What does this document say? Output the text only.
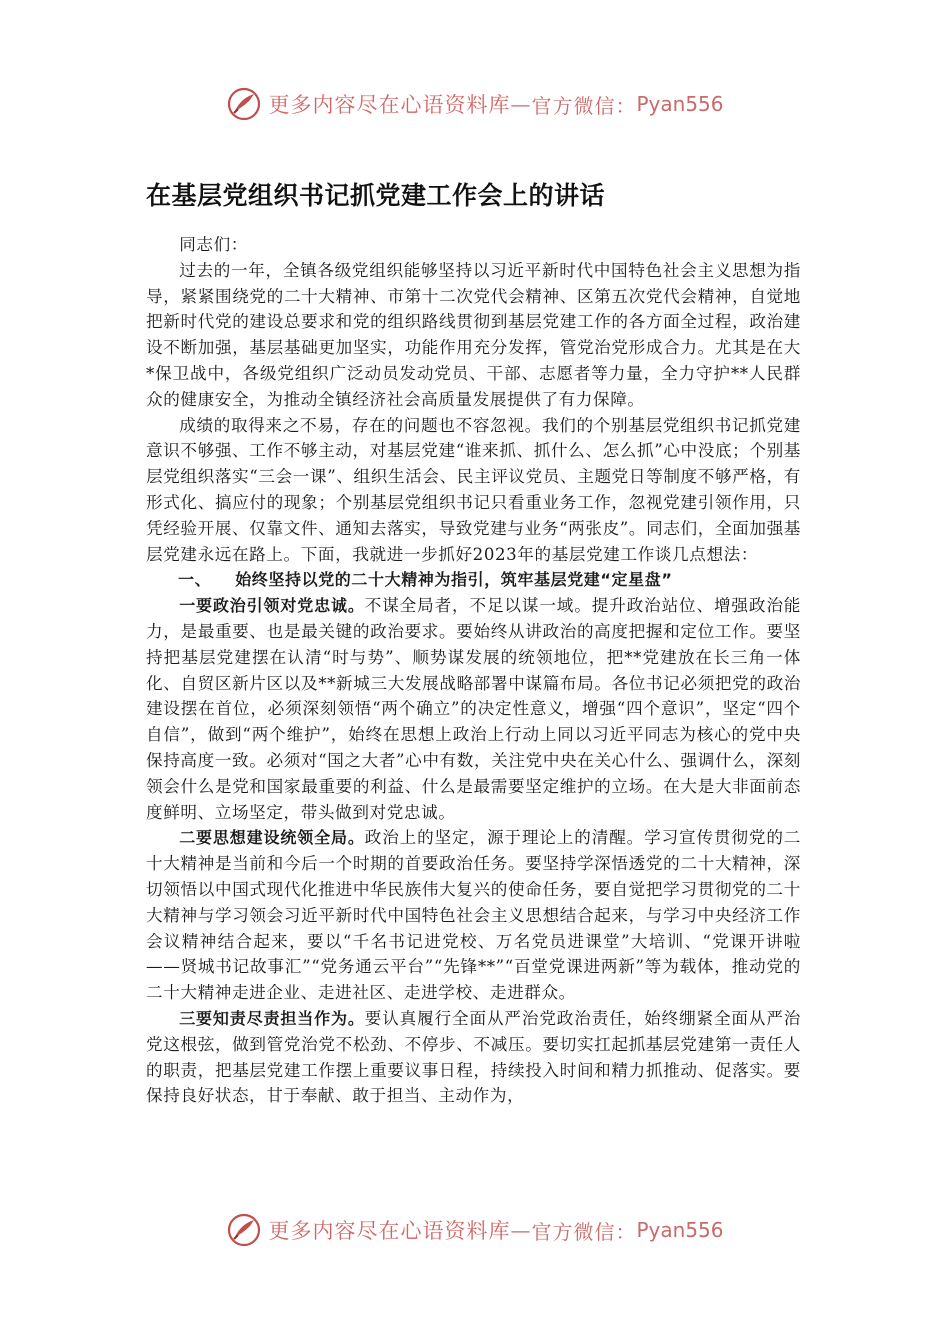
更多内容尽在心语资料库 — 官方微信： Pyan556
在基层党组织书记抓党建工作会上的讲话

同志们：

过去的一年，全镇各级党组织能够坚持以习近平新时代中国特色社会主义思想为指导，紧紧围绕党的二十大精神、市第十二次党代会精神、区第五次党代会精神，自觉地把新时代党的建设总要求和党的组织路线贯彻到基层党建工作的各方面全过程，政治建设不断加强，基层基础更加坚实，功能作用充分发挥，管党治党形成合力。尤其是在大*保卫战中，各级党组织广泛动员发动党员、干部、志愿者等力量，全力守护**人民群众的健康安全，为推动全镇经济社会高质量发展提供了有力保障。

成绩的取得来之不易，存在的问题也不容忽视。我们的个别基层党组织书记抓党建意识不够强、工作不够主动，对基层党建“谁来抓、抓什么、怎么抓”心中没底；个别基层党组织落实“三会一课”、组织生活会、民主评议党员、主题党日等制度不够严格，有形式化、搞应付的现象；个别基层党组织书记只看重业务工作，忽视党建引领作用，只凭经验开展、仅靠文件、通知去落实，导致党建与业务“两张皮”。同志们，全面加强基层党建永远在路上。下面，我就进一步抓好2023年的基层党建工作谈几点想法：

一、 始终坚持以党的二十大精神为指引，筑牢基层党建“定星盘”

一要政治引领对党忠诚。不谋全局者，不足以谋一域。提升政治站位、增强政治能力，是最重要、也是最关键的政治要求。要始终从讲政治的高度把握和定位工作。要坚持把基层党建摆在认清“时与势”、顺势谋发展的统领地位，把**党建放在长三角一体化、自贸区新片区以及**新城三大发展战略部署中谋篇布局。各位书记必须把党的政治建设摆在首位，必须深刻领悟“两个确立”的决定性意义，增强“四个意识”，坚定“四个自信”，做到“两个维护”，始终在思想上政治上行动上同以习近平同志为核心的党中央保持高度一致。必须对“国之大者”心中有数，关注党中央在关心什么、强调什么，深刻领会什么是党和国家最重要的利益、什么是最需要坚定维护的立场。在大是大非面前态度鲜明、立场坚定，带头做到对党忠诚。

二要思想建设统领全局。政治上的坚定，源于理论上的清醒。学习宣传贯彻党的二十大精神是当前和今后一个时期的首要政治任务。要坚持学深悟透党的二十大精神，深切领悟以中国式现代化推进中华民族伟大复兴的使命任务，要自觉把学习贯彻党的二十大精神与学习领会习近平新时代中国特色社会主义思想结合起来，与学习中央经济工作会议精神结合起来，要以“千名书记进党校、万名党员进课堂”大培训、“党课开讲啦——贤城书记故事汇”“党务通云平台”“先锋**”“百堂党课进两新”等为载体，推动党的二十大精神走进企业、走进社区、走进学校、走进群众。

三要知责尽责担当作为。要认真履行全面从严治党政治责任，始终绷紧全面从严治党这根弦，做到管党治党不松劲、不停步、不减压。要切实扛起抓基层党建第一责任人的职责，把基层党建工作摆上重要议事日程，持续投入时间和精力抓推动、促落实。要保持良好状态，甘于奉献、敢于担当、主动作为，

更多内容尽在心语资料库 — 官方微信： Pyan556
